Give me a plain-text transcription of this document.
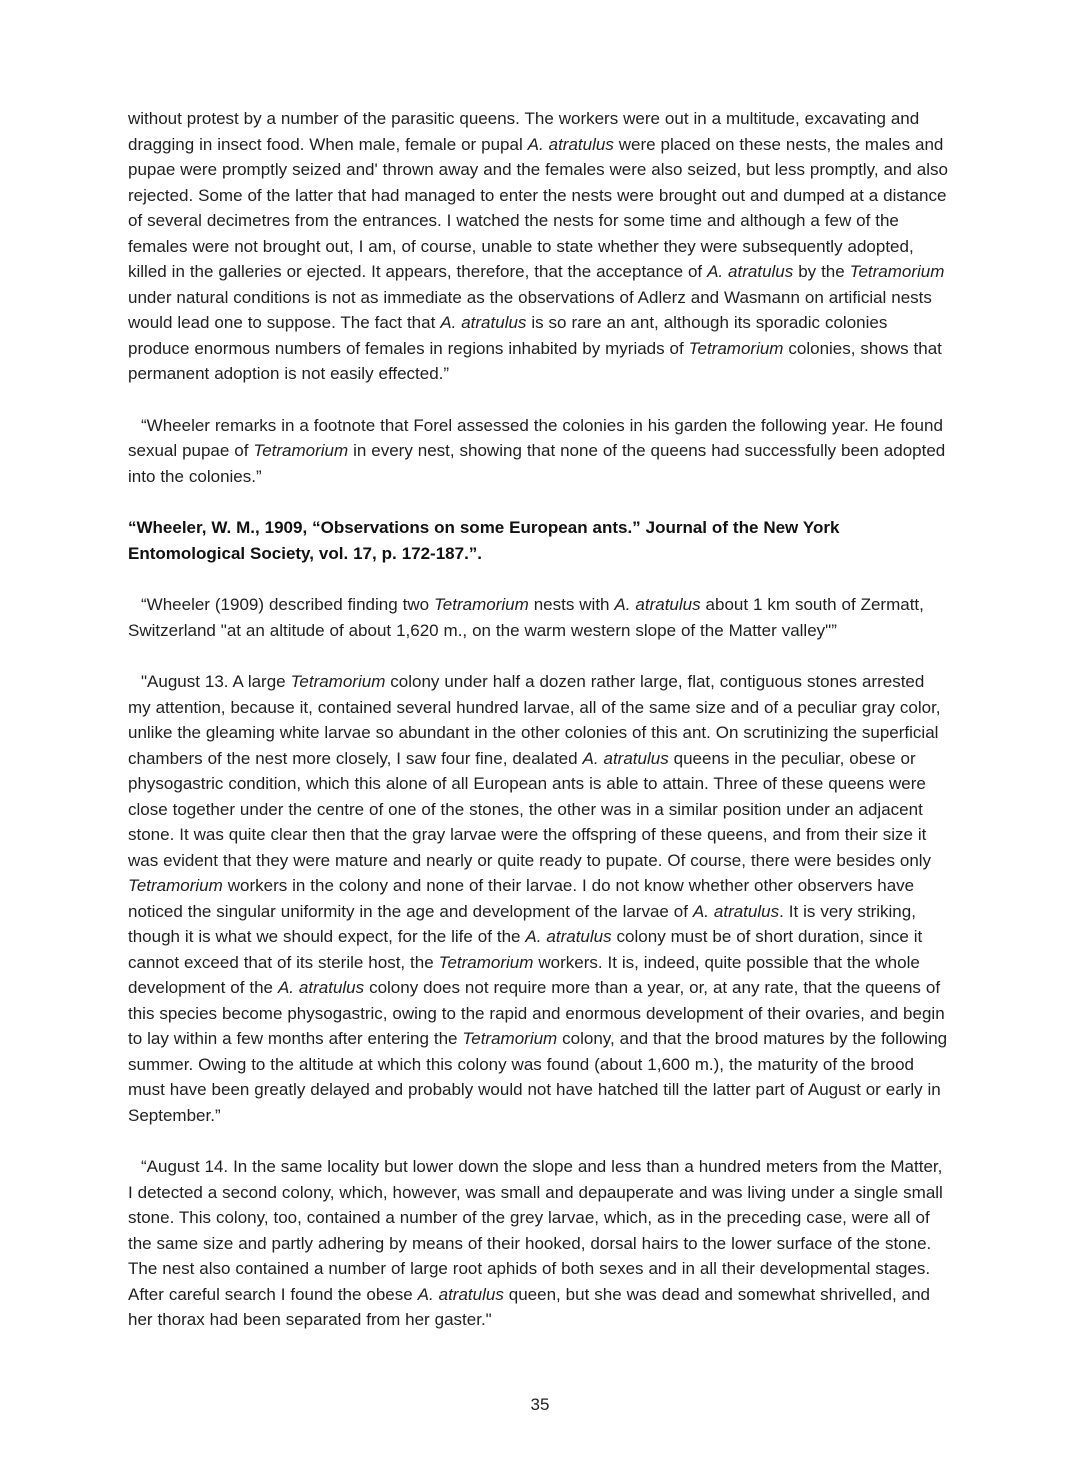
without protest by a number of the parasitic queens. The workers were out in a multitude, excavating and dragging in insect food. When male, female or pupal A. atratulus were placed on these nests, the males and pupae were promptly seized and' thrown away and the females were also seized, but less promptly, and also rejected. Some of the latter that had managed to enter the nests were brought out and dumped at a distance of several decimetres from the entrances. I watched the nests for some time and although a few of the females were not brought out, I am, of course, unable to state whether they were subsequently adopted, killed in the galleries or ejected. It appears, therefore, that the acceptance of A. atratulus by the Tetramorium under natural conditions is not as immediate as the observations of Adlerz and Wasmann on artificial nests would lead one to suppose. The fact that A. atratulus is so rare an ant, although its sporadic colonies produce enormous numbers of females in regions inhabited by myriads of Tetramorium colonies, shows that permanent adoption is not easily effected.”

“Wheeler remarks in a footnote that Forel assessed the colonies in his garden the following year. He found sexual pupae of Tetramorium in every nest, showing that none of the queens had successfully been adopted into the colonies.”

“Wheeler, W. M., 1909, “Observations on some European ants.” Journal of the New York Entomological Society, vol. 17, p. 172-187.”.

“Wheeler (1909) described finding two Tetramorium nests with A. atratulus about 1 km south of Zermatt, Switzerland "at an altitude of about 1,620 m., on the warm western slope of the Matter valley"”

"August 13. A large Tetramorium colony under half a dozen rather large, flat, contiguous stones arrested my attention, because it, contained several hundred larvae, all of the same size and of a peculiar gray color, unlike the gleaming white larvae so abundant in the other colonies of this ant. On scrutinizing the superficial chambers of the nest more closely, I saw four fine, dealated A. atratulus queens in the peculiar, obese or physogastric condition, which this alone of all European ants is able to attain. Three of these queens were close together under the centre of one of the stones, the other was in a similar position under an adjacent stone. It was quite clear then that the gray larvae were the offspring of these queens, and from their size it was evident that they were mature and nearly or quite ready to pupate. Of course, there were besides only Tetramorium workers in the colony and none of their larvae. I do not know whether other observers have noticed the singular uniformity in the age and development of the larvae of A. atratulus. It is very striking, though it is what we should expect, for the life of the A. atratulus colony must be of short duration, since it cannot exceed that of its sterile host, the Tetramorium workers. It is, indeed, quite possible that the whole development of the A. atratulus colony does not require more than a year, or, at any rate, that the queens of this species become physogastric, owing to the rapid and enormous development of their ovaries, and begin to lay within a few months after entering the Tetramorium colony, and that the brood matures by the following summer. Owing to the altitude at which this colony was found (about 1,600 m.), the maturity of the brood must have been greatly delayed and probably would not have hatched till the latter part of August or early in September.”

“August 14. In the same locality but lower down the slope and less than a hundred meters from the Matter, I detected a second colony, which, however, was small and depauperate and was living under a single small stone. This colony, too, contained a number of the grey larvae, which, as in the preceding case, were all of the same size and partly adhering by means of their hooked, dorsal hairs to the lower surface of the stone. The nest also contained a number of large root aphids of both sexes and in all their developmental stages. After careful search I found the obese A. atratulus queen, but she was dead and somewhat shrivelled, and her thorax had been separated from her gaster."

35
